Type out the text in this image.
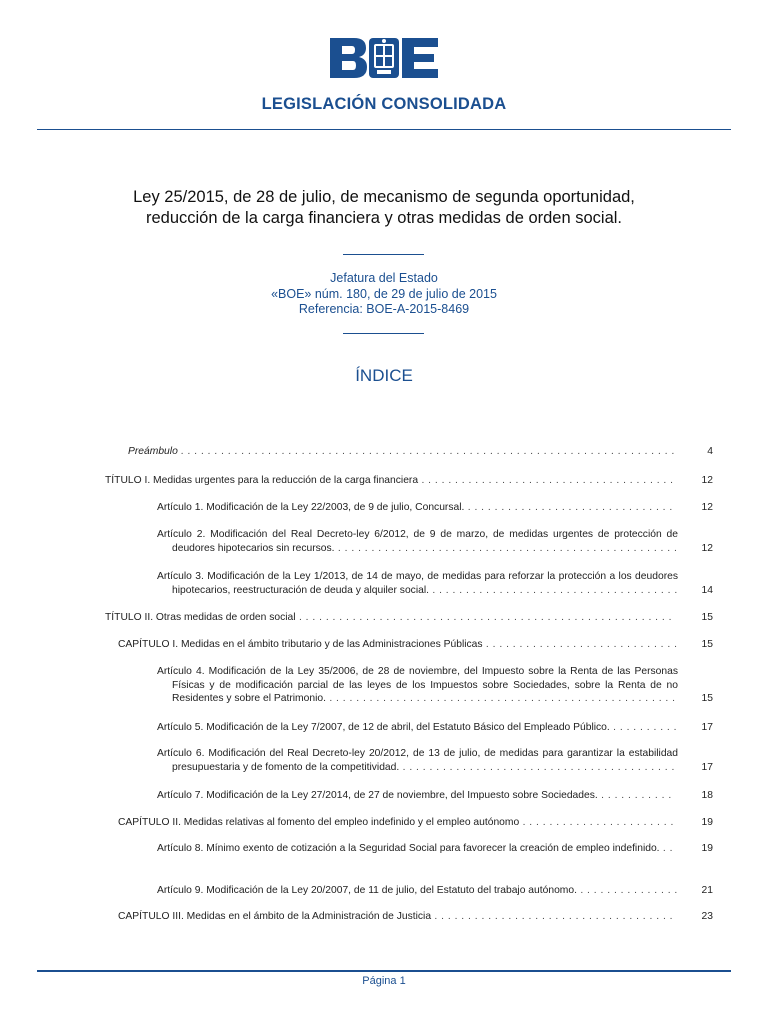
LEGISLACIÓN CONSOLIDADA
Ley 25/2015, de 28 de julio, de mecanismo de segunda oportunidad,
reducción de la carga financiera y otras medidas de orden social.
Jefatura del Estado
«BOE» núm. 180, de 29 de julio de 2015
Referencia: BOE-A-2015-8469
ÍNDICE
Preámbulo . . . . . . . . . . . . . . . . . . . . . . . . . . . . . . . . . . . . . . . . . . . . . . . . . . . . . . . . . . . . . . . . . . . . . . . . . .	4
TÍTULO I. Medidas urgentes para la reducción de la carga financiera . . . . . . . . . . . . . . . . . . . . . . . . . . . . . . . . . . . . . .	12
Artículo 1. Modificación de la Ley 22/2003, de 9 de julio, Concursal. . . . . . . . . . . . . . . . . . . . . . . . . . . . . . . .	12
Artículo 2. Modificación del Real Decreto-ley 6/2012, de 9 de marzo, de medidas urgentes de protección de deudores hipotecarios sin recursos. . . . . . . . . . . . . . . . . . . . . . . . . . . . . . . . . . . . . . . . . . . . . . . . . . . .	12
Artículo 3. Modificación de la Ley 1/2013, de 14 de mayo, de medidas para reforzar la protección a los deudores hipotecarios, reestructuración de deuda y alquiler social. . . . . . . . . . . . . . . . . . . . . . . . . . . . . . . . . . . . . .	14
TÍTULO II. Otras medidas de orden social . . . . . . . . . . . . . . . . . . . . . . . . . . . . . . . . . . . . . . . . . . . . . . . . . . . . . . . .	15
CAPÍTULO I. Medidas en el ámbito tributario y de las Administraciones Públicas . . . . . . . . . . . . . . . . . . . . . . . . . . . . .	15
Artículo 4. Modificación de la Ley 35/2006, de 28 de noviembre, del Impuesto sobre la Renta de las Personas Físicas y de modificación parcial de las leyes de los Impuestos sobre Sociedades, sobre la Renta de no Residentes y sobre el Patrimonio. . . . . . . . . . . . . . . . . . . . . . . . . . . . . . . . . . . . . . . . . . . . . . . . . . . . .	15
Artículo 5. Modificación de la Ley 7/2007, de 12 de abril, del Estatuto Básico del Empleado Público. . . . . . . . . . .	17
Artículo 6. Modificación del Real Decreto-ley 20/2012, de 13 de julio, de medidas para garantizar la estabilidad presupuestaria y de fomento de la competitividad. . . . . . . . . . . . . . . . . . . . . . . . . . . . . . . . . . . . . . . . . .	17
Artículo 7. Modificación de la Ley 27/2014, de 27 de noviembre, del Impuesto sobre Sociedades. . . . . . . . . . . .	18
CAPÍTULO II. Medidas relativas al fomento del empleo indefinido y el empleo autónomo . . . . . . . . . . . . . . . . . . . . . . .	19
Artículo 8. Mínimo exento de cotización a la Seguridad Social para favorecer la creación de empleo indefinido. . .	19
Artículo 9. Modificación de la Ley 20/2007, de 11 de julio, del Estatuto del trabajo autónomo. . . . . . . . . . . . . . . .	21
CAPÍTULO III. Medidas en el ámbito de la Administración de Justicia . . . . . . . . . . . . . . . . . . . . . . . . . . . . . . . . . . . .	23
Página 1
